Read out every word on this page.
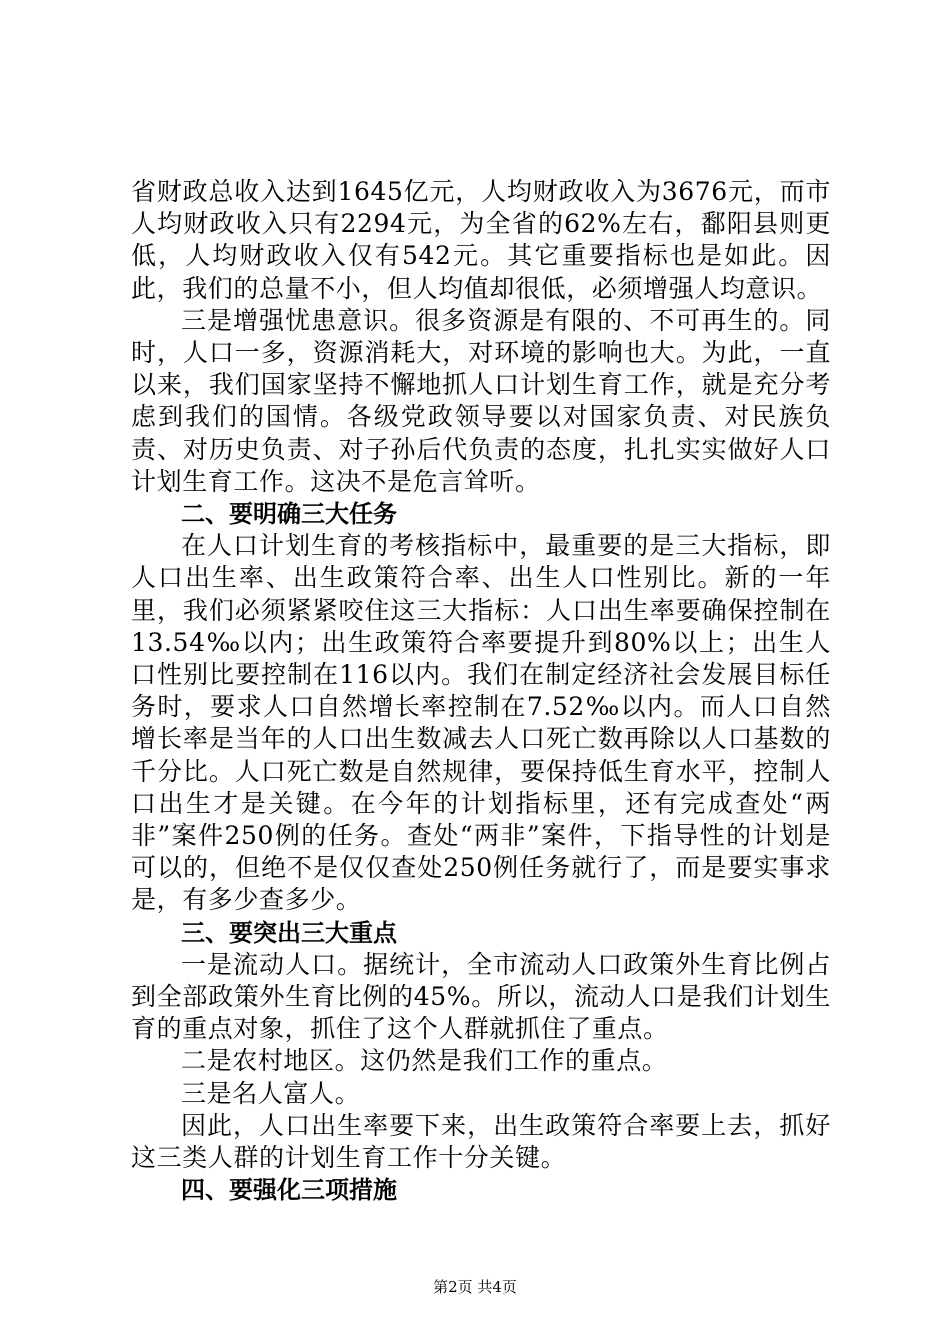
省财政总收入达到1645亿元，人均财政收入为3676元，而市人均财政收入只有2294元，为全省的62%左右，鄱阳县则更低，人均财政收入仅有542元。其它重要指标也是如此。因此，我们的总量不小，但人均值却很低，必须增强人均意识。

三是增强忧患意识。很多资源是有限的、不可再生的。同时，人口一多，资源消耗大，对环境的影响也大。为此，一直以来，我们国家坚持不懈地抓人口计划生育工作，就是充分考虑到我们的国情。各级党政领导要以对国家负责、对民族负责、对历史负责、对子孙后代负责的态度，扎扎实实做好人口计划生育工作。这决不是危言耸听。

二、要明确三大任务

在人口计划生育的考核指标中，最重要的是三大指标，即人口出生率、出生政策符合率、出生人口性别比。新的一年里，我们必须紧紧咬住这三大指标：人口出生率要确保控制在13.54‰以内；出生政策符合率要提升到80%以上；出生人口性别比要控制在116以内。我们在制定经济社会发展目标任务时，要求人口自然增长率控制在7.52‰以内。而人口自然增长率是当年的人口出生数减去人口死亡数再除以人口基数的千分比。人口死亡数是自然规律，要保持低生育水平，控制人口出生才是关键。在今年的计划指标里，还有完成查处“两非”案件250例的任务。查处“两非”案件，下指导性的计划是可以的，但绝不是仅仅查处250例任务就行了，而是要实事求是，有多少查多少。

三、要突出三大重点

一是流动人口。据统计，全市流动人口政策外生育比例占到全部政策外生育比例的45%。所以，流动人口是我们计划生育的重点对象，抓住了这个人群就抓住了重点。

二是农村地区。这仍然是我们工作的重点。

三是名人富人。

因此，人口出生率要下来，出生政策符合率要上去，抓好这三类人群的计划生育工作十分关键。

四、要强化三项措施

第2页 共4页
